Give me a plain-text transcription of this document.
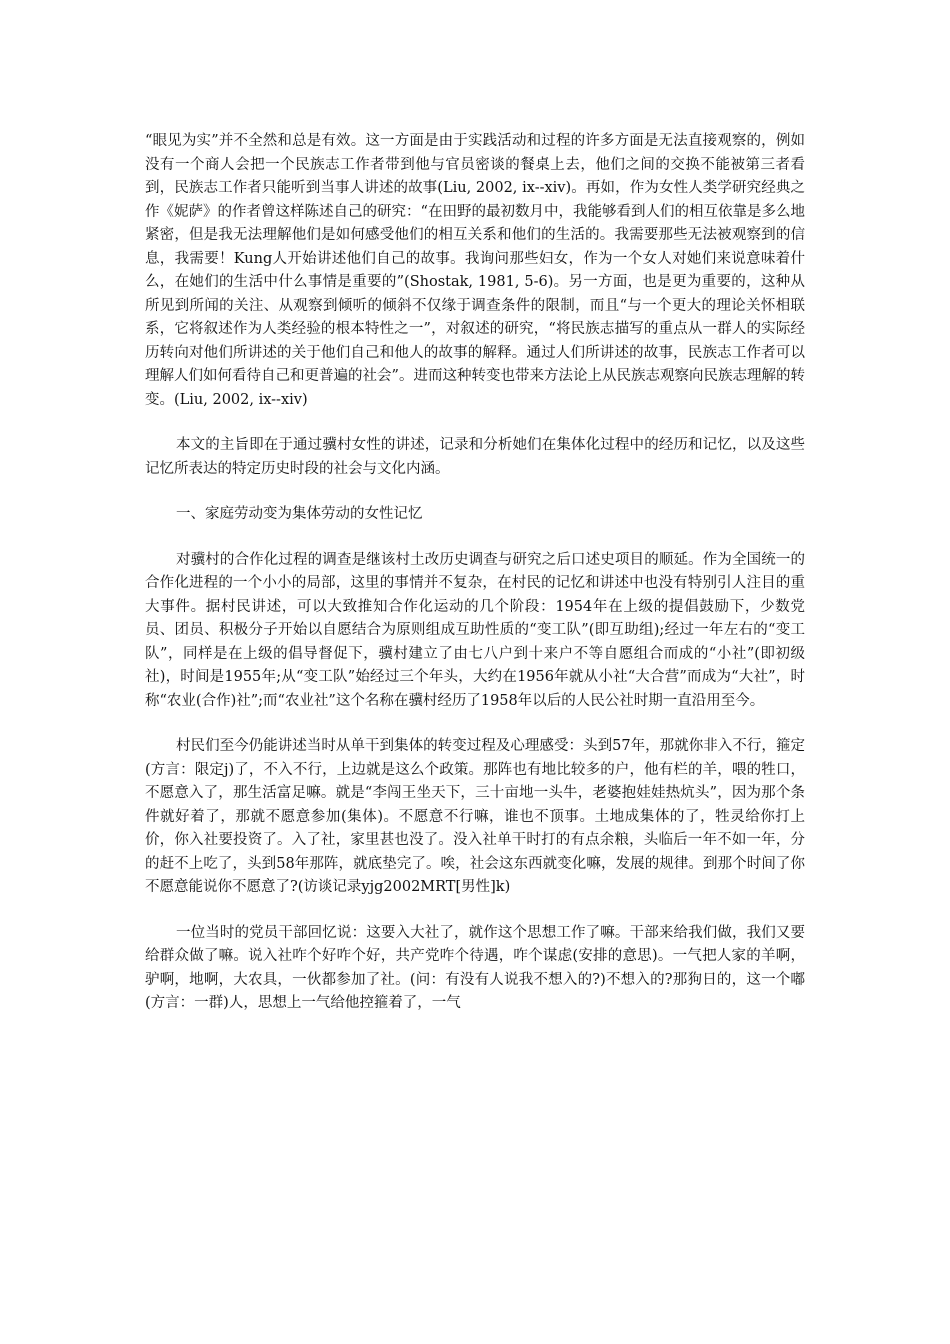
“眼见为实”并不全然和总是有效。这一方面是由于实践活动和过程的许多方面是无法直接观察的，例如没有一个商人会把一个民族志工作者带到他与官员密谈的餐桌上去，他们之间的交换不能被第三者看到，民族志工作者只能听到当事人讲述的故事(Liu, 2002, ix--xiv)。再如，作为女性人类学研究经典之作《妮萨》的作者曾这样陈述自己的研究：“在田野的最初数月中，我能够看到人们的相互依靠是多么地紧密，但是我无法理解他们是如何感受他们的相互关系和他们的生活的。我需要那些无法被观察到的信息，我需要！Kung人开始讲述他们自己的故事。我询问那些妇女，作为一个女人对她们来说意味着什么，在她们的生活中什么事情是重要的”(Shostak, 1981, 5-6)。另一方面，也是更为重要的，这种从所见到所闻的关注、从观察到倾听的倾斜不仅缘于调查条件的限制，而且“与一个更大的理论关怀相联系，它将叙述作为人类经验的根本特性之一”，对叙述的研究，“将民族志描写的重点从一群人的实际经历转向对他们所讲述的关于他们自己和他人的故事的解释。通过人们所讲述的故事，民族志工作者可以理解人们如何看待自己和更普遍的社会”。进而这种转变也带来方法论上从民族志观察向民族志理解的转变。(Liu, 2002, ix--xiv)

本文的主旨即在于通过骥村女性的讲述，记录和分析她们在集体化过程中的经历和记忆，以及这些记忆所表达的特定历史时段的社会与文化内涵。

一、家庭劳动变为集体劳动的女性记忆

对骥村的合作化过程的调查是继该村土改历史调查与研究之后口述史项目的顺延。作为全国统一的合作化进程的一个小小的局部，这里的事情并不复杂，在村民的记忆和讲述中也没有特别引人注目的重大事件。据村民讲述，可以大致推知合作化运动的几个阶段：1954年在上级的提倡鼓励下，少数党员、团员、积极分子开始以自愿结合为原则组成互助性质的“变工队”(即互助组);经过一年左右的“变工队”，同样是在上级的倡导督促下，骥村建立了由七八户到十来户不等自愿组合而成的“小社”(即初级社)，时间是1955年;从“变工队”始经过三个年头，大约在1956年就从小社“大合营”而成为“大社”，时称“农业(合作)社”;而“农业社”这个名称在骥村经历了1958年以后的人民公社时期一直沿用至今。

村民们至今仍能讲述当时从单干到集体的转变过程及心理感受：头到57年，那就你非入不行，箍定(方言：限定j)了，不入不行，上边就是这么个政策。那阵也有地比较多的户，他有栏的羊，喂的牲口，不愿意入了，那生活富足嘛。就是“李闯王坐天下，三十亩地一头牛，老婆抱娃娃热炕头”，因为那个条件就好着了，那就不愿意参加(集体)。不愿意不行嘛，谁也不顶事。土地成集体的了，牲灵给你打上价，你入社要投资了。入了社，家里甚也没了。没入社单干时打的有点余粮，头临后一年不如一年，分的赶不上吃了，头到58年那阵，就底垫完了。唉，社会这东西就变化嘛，发展的规律。到那个时间了你不愿意能说你不愿意了?(访谈记录yjg2002MRT[男性]k)

一位当时的党员干部回忆说：这要入大社了，就作这个思想工作了嘛。干部来给我们做，我们又要给群众做了嘛。说入社咋个好咋个好，共产党咋个待遇，咋个谋虑(安排的意思)。一气把人家的羊啊，驴啊，地啊，大农具，一伙都参加了社。(问：有没有人说我不想入的?)不想入的?那狗日的，这一个嘟(方言：一群)人，思想上一气给他控箍着了，一气
